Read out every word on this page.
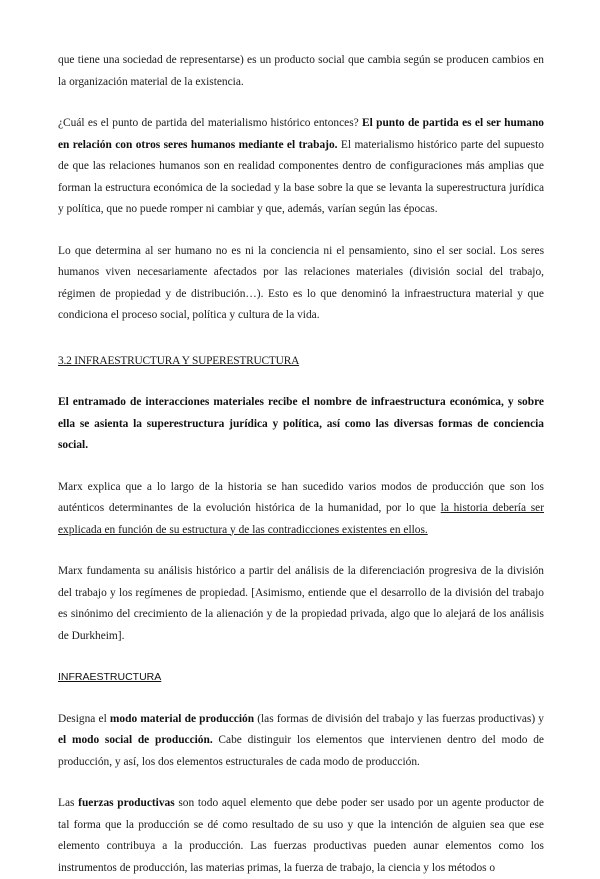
que tiene una sociedad de representarse) es un producto social que cambia según se producen cambios en la organización material de la existencia.

¿Cuál es el punto de partida del materialismo histórico entonces? El punto de partida es el ser humano en relación con otros seres humanos mediante el trabajo. El materialismo histórico parte del supuesto de que las relaciones humanos son en realidad componentes dentro de configuraciones más amplias que forman la estructura económica de la sociedad y la base sobre la que se levanta la superestructura jurídica y política, que no puede romper ni cambiar y que, además, varían según las épocas.

Lo que determina al ser humano no es ni la conciencia ni el pensamiento, sino el ser social. Los seres humanos viven necesariamente afectados por las relaciones materiales (división social del trabajo, régimen de propiedad y de distribución…). Esto es lo que denominó la infraestructura material y que condiciona el proceso social, política y cultura de la vida.

3.2 INFRAESTRUCTURA Y SUPERESTRUCTURA

El entramado de interacciones materiales recibe el nombre de infraestructura económica, y sobre ella se asienta la superestructura jurídica y política, así como las diversas formas de conciencia social.

Marx explica que a lo largo de la historia se han sucedido varios modos de producción que son los auténticos determinantes de la evolución histórica de la humanidad, por lo que la historia debería ser explicada en función de su estructura y de las contradicciones existentes en ellos.

Marx fundamenta su análisis histórico a partir del análisis de la diferenciación progresiva de la división del trabajo y los regímenes de propiedad. [Asimismo, entiende que el desarrollo de la división del trabajo es sinónimo del crecimiento de la alienación y de la propiedad privada, algo que lo alejará de los análisis de Durkheim].

INFRAESTRUCTURA

Designa el modo material de producción (las formas de división del trabajo y las fuerzas productivas) y el modo social de producción. Cabe distinguir los elementos que intervienen dentro del modo de producción, y así, los dos elementos estructurales de cada modo de producción.

Las fuerzas productivas son todo aquel elemento que debe poder ser usado por un agente productor de tal forma que la producción se dé como resultado de su uso y que la intención de alguien sea que ese elemento contribuya a la producción. Las fuerzas productivas pueden aunar elementos como los instrumentos de producción, las materias primas, la fuerza de trabajo, la ciencia y los métodos o
